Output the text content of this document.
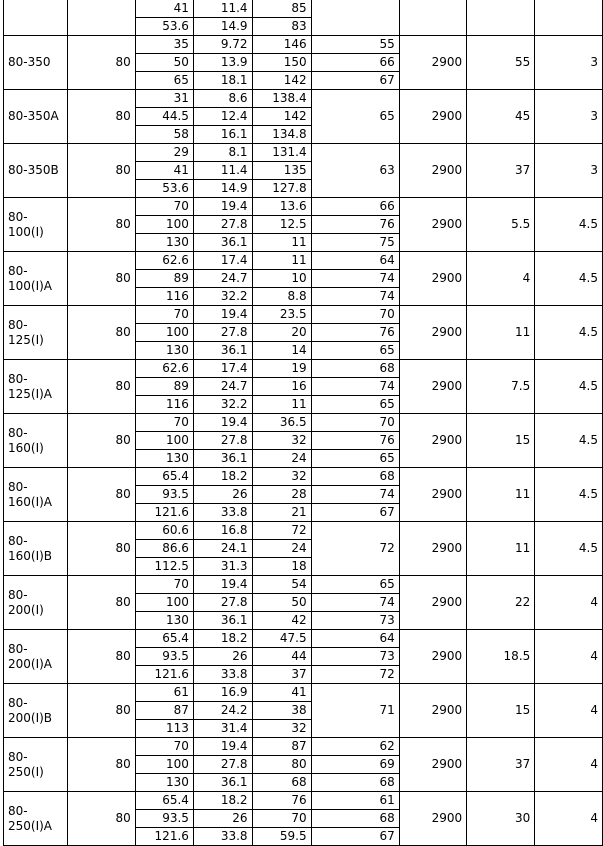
		41	11.4	85				
		53.6	14.9	83				
80-350	80	35	9.72	146	55	2900	55	3
		50	13.9	150	66			
		65	18.1	142	67			
80-350A	80	31	8.6	138.4	65	2900	45	3
		44.5	12.4	142				
		58	16.1	134.8				
80-350B	80	29	8.1	131.4	63	2900	37	3
		41	11.4	135				
		53.6	14.9	127.8				
80-100(I)	80	70	19.4	13.6	66	2900	5.5	4.5
		100	27.8	12.5	76			
		130	36.1	11	75			
80-100(I)A	80	62.6	17.4	11	64	2900	4	4.5
		89	24.7	10	74			
		116	32.2	8.8	74			
80-125(I)	80	70	19.4	23.5	70	2900	11	4.5
		100	27.8	20	76			
		130	36.1	14	65			
80-125(I)A	80	62.6	17.4	19	68	2900	7.5	4.5
		89	24.7	16	74			
		116	32.2	11	65			
80-160(I)	80	70	19.4	36.5	70	2900	15	4.5
		100	27.8	32	76			
		130	36.1	24	65			
80-160(I)A	80	65.4	18.2	32	68	2900	11	4.5
		93.5	26	28	74			
		121.6	33.8	21	67			
80-160(I)B	80	60.6	16.8	72	72	2900	11	4.5
		86.6	24.1	24				
		112.5	31.3	18				
80-200(I)	80	70	19.4	54	65	2900	22	4
		100	27.8	50	74			
		130	36.1	42	73			
80-200(I)A	80	65.4	18.2	47.5	64	2900	18.5	4
		93.5	26	44	73			
		121.6	33.8	37	72			
80-200(I)B	80	61	16.9	41	71	2900	15	4
		87	24.2	38				
		113	31.4	32				
80-250(I)	80	70	19.4	87	62	2900	37	4
		100	27.8	80	69			
		130	36.1	68	68			
80-250(I)A	80	65.4	18.2	76	61	2900	30	4
		93.5	26	70	68			
		121.6	33.8	59.5	67			
